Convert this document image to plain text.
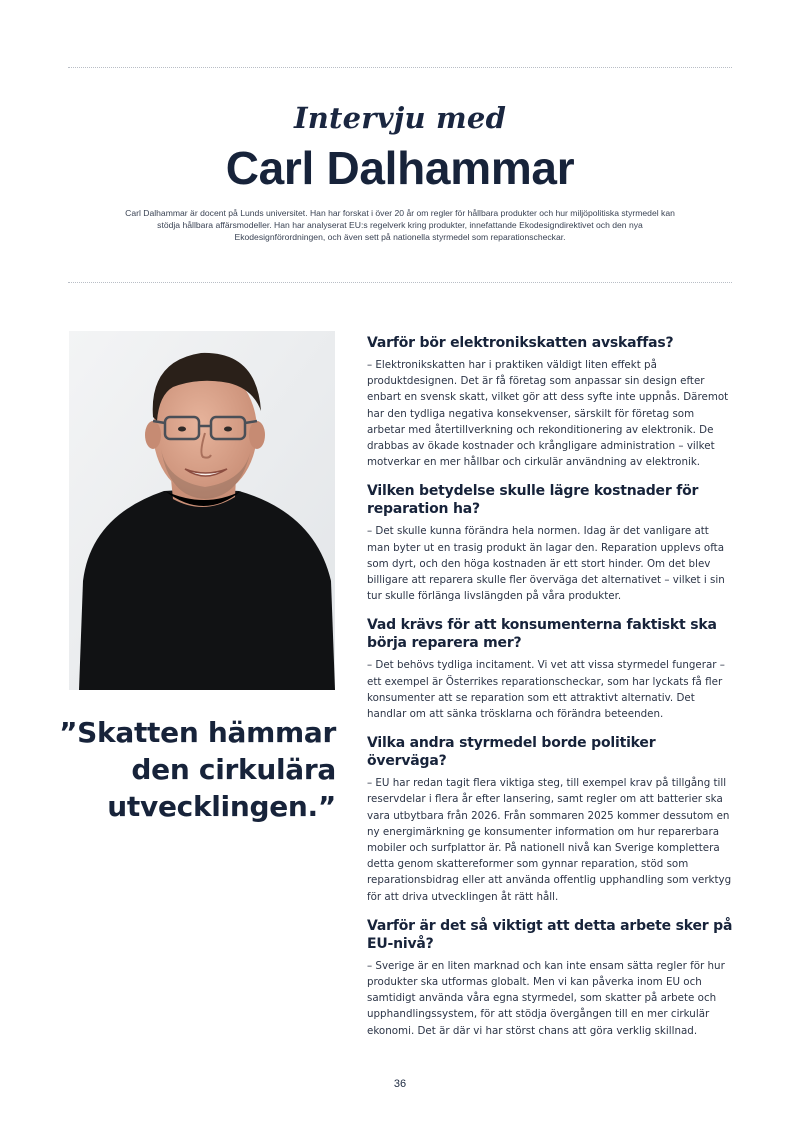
Intervju med
Carl Dalhammar
Carl Dalhammar är docent på Lunds universitet. Han har forskat i över 20 år om regler för hållbara produkter och hur miljöpolitiska styrmedel kan stödja hållbara affärsmodeller. Han har analyserat EU:s regelverk kring produkter, innefattande Ekodesigndirektivet och den nya Ekodesignförordningen, och även sett på nationella styrmedel som reparationscheckar.
”Skatten hämmar den cirkulära utvecklingen.”

Varför bör elektronikskatten avskaffas?

– Elektronikskatten har i praktiken väldigt liten effekt på produktdesignen. Det är få företag som anpassar sin design efter enbart en svensk skatt, vilket gör att dess syfte inte uppnås. Däremot har den tydliga negativa konsekvenser, särskilt för företag som arbetar med återtillverkning och rekonditionering av elektronik. De drabbas av ökade kostnader och krångligare administration – vilket motverkar en mer hållbar och cirkulär användning av elektronik.

Vilken betydelse skulle lägre kostnader för reparation ha?

– Det skulle kunna förändra hela normen. Idag är det vanligare att man byter ut en trasig produkt än lagar den. Reparation upplevs ofta som dyrt, och den höga kostnaden är ett stort hinder. Om det blev billigare att reparera skulle fler överväga det alternativet – vilket i sin tur skulle förlänga livslängden på våra produkter.

Vad krävs för att konsumenterna faktiskt ska börja reparera mer?

– Det behövs tydliga incitament. Vi vet att vissa styrmedel fungerar – ett exempel är Österrikes reparationscheckar, som har lyckats få fler konsumenter att se reparation som ett attraktivt alternativ. Det handlar om att sänka trösklarna och förändra beteenden.

Vilka andra styrmedel borde politiker överväga?

– EU har redan tagit flera viktiga steg, till exempel krav på tillgång till reservdelar i flera år efter lansering, samt regler om att batterier ska vara utbytbara från 2026. Från sommaren 2025 kommer dessutom en ny energimärkning ge konsumenter information om hur reparerbara mobiler och surfplattor är. På nationell nivå kan Sverige komplettera detta genom skattereformer som gynnar reparation, stöd som reparationsbidrag eller att använda offentlig upphandling som verktyg för att driva utvecklingen åt rätt håll.

Varför är det så viktigt att detta arbete sker på EU-nivå?

– Sverige är en liten marknad och kan inte ensam sätta regler för hur produkter ska utformas globalt. Men vi kan påverka inom EU och samtidigt använda våra egna styrmedel, som skatter på arbete och upphandlingssystem, för att stödja övergången till en mer cirkulär ekonomi. Det är där vi har störst chans att göra verklig skillnad.

36
